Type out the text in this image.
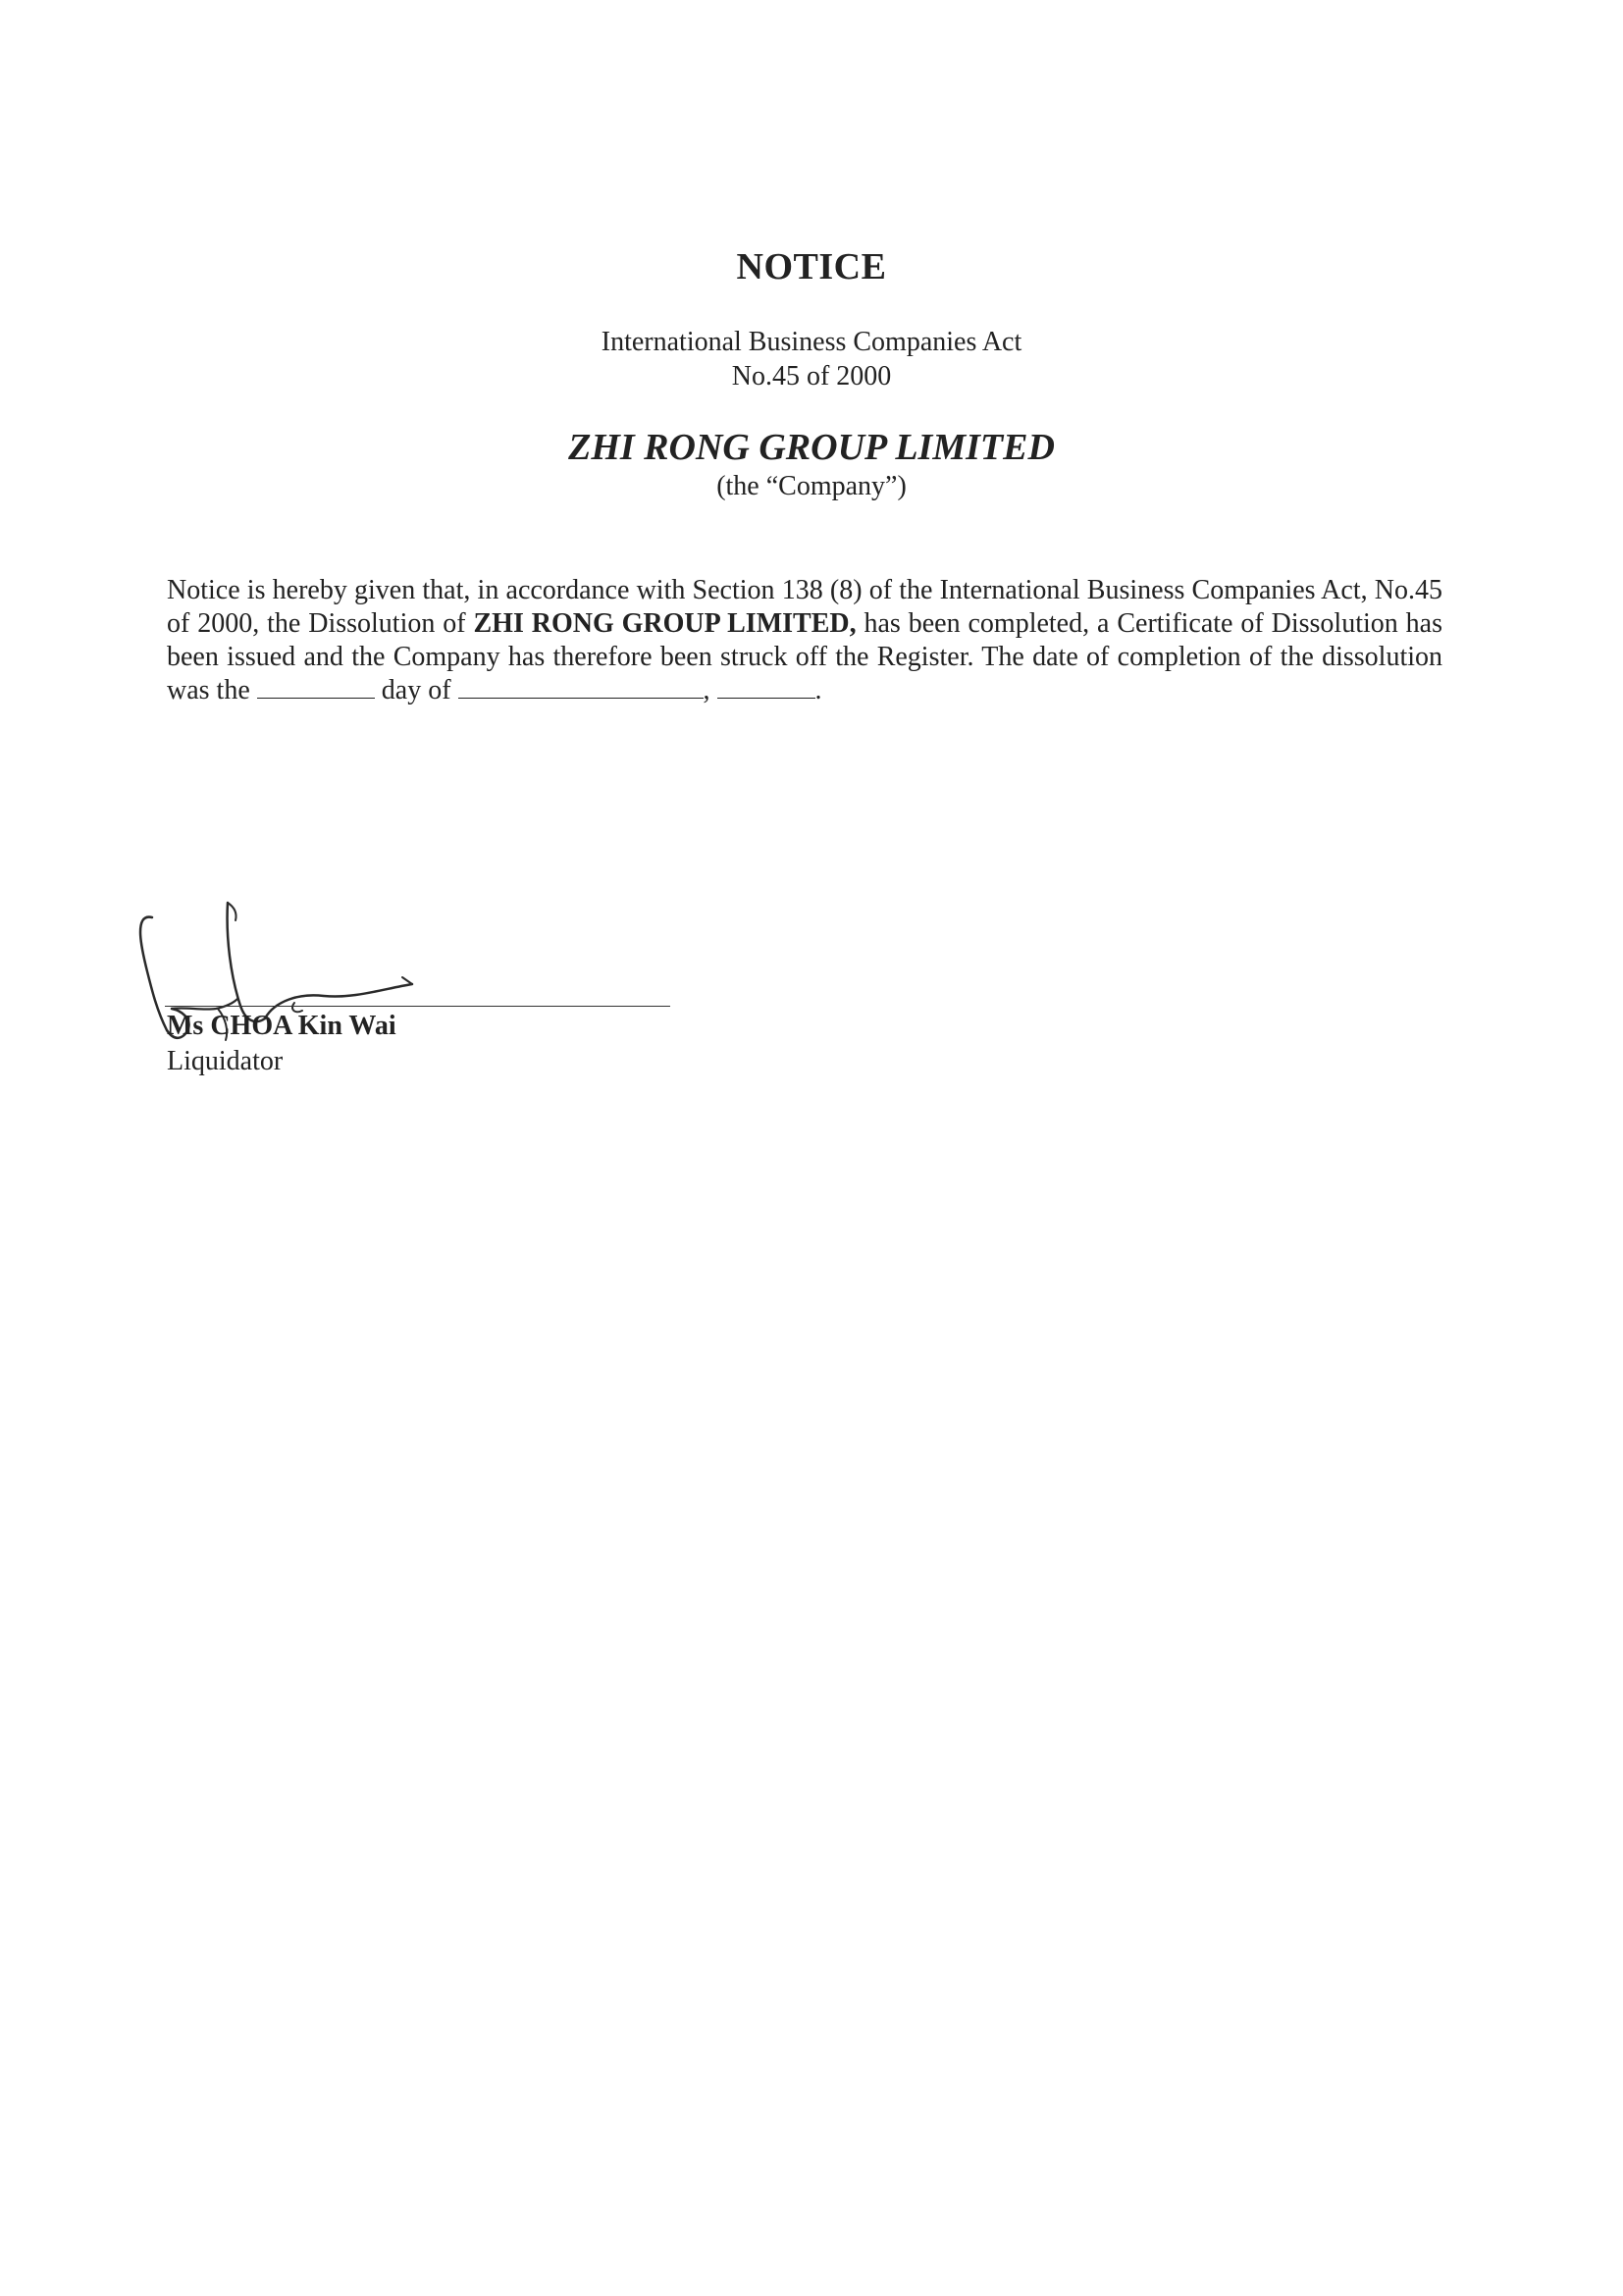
NOTICE
International Business Companies Act
No.45 of 2000
ZHI RONG GROUP LIMITED
(the “Company”)
Notice is hereby given that, in accordance with Section 138 (8) of the International Business Companies Act, No.45 of 2000, the Dissolution of ZHI RONG GROUP LIMITED, has been completed, a Certificate of Dissolution has been issued and the Company has therefore been struck off the Register. The date of completion of the dissolution was the	day of	,	.
Ms CHOA Kin Wai
Liquidator
